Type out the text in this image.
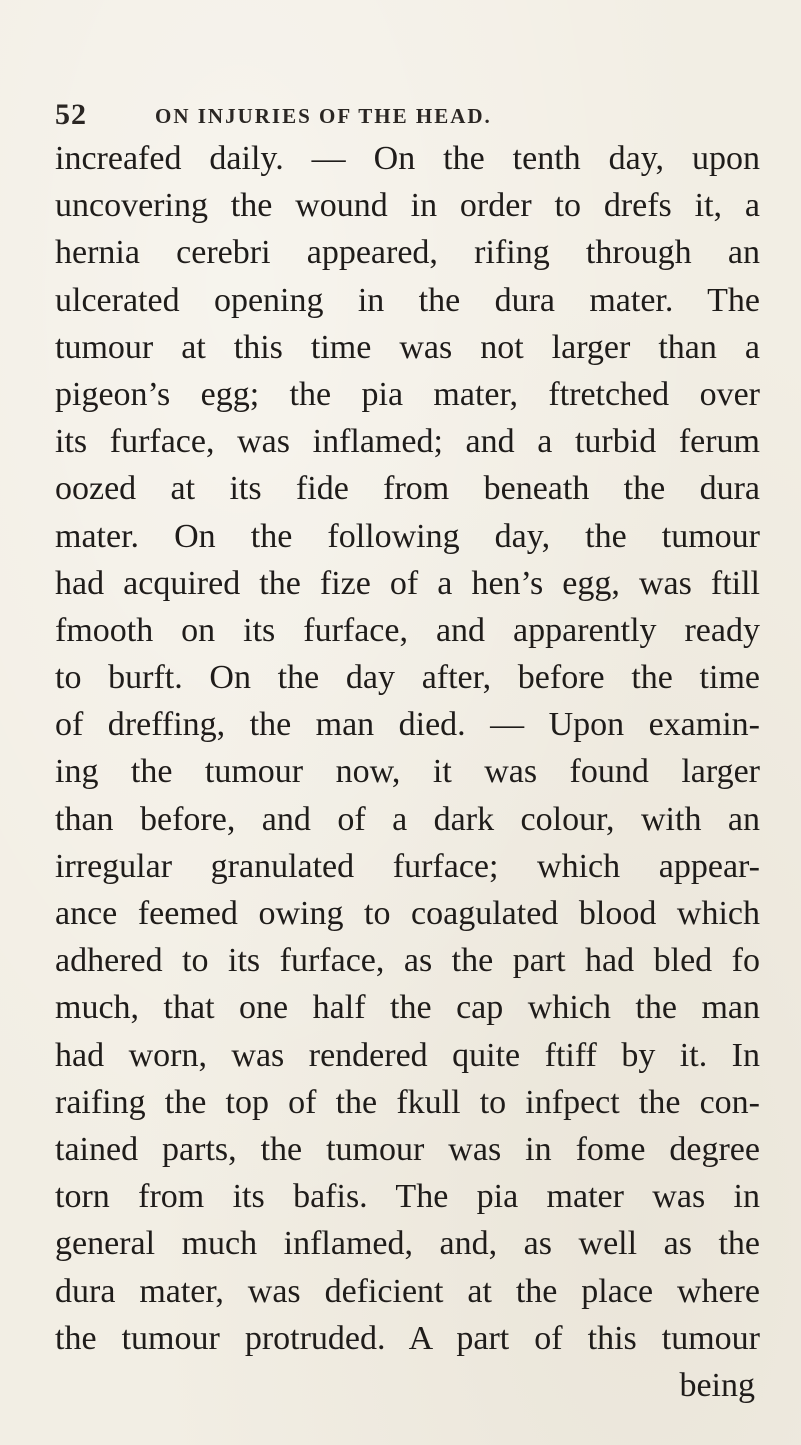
52	ON INJURIES OF THE HEAD.
increafed daily. — On the tenth day, upon
uncovering the wound in order to drefs it, a
hernia cerebri appeared, rifing through an
ulcerated opening in the dura mater. The
tumour at this time was not larger than a
pigeon’s egg; the pia mater, ftretched over
its furface, was inflamed; and a turbid ferum
oozed at its fide from beneath the dura
mater. On the following day, the tumour
had acquired the fize of a hen’s egg, was ftill
fmooth on its furface, and apparently ready
to burft. On the day after, before the time
of dreffing, the man died. — Upon examin-
ing the tumour now, it was found larger
than before, and of a dark colour, with an
irregular granulated furface; which appear-
ance feemed owing to coagulated blood which
adhered to its furface, as the part had bled fo
much, that one half the cap which the man
had worn, was rendered quite ftiff by it. In
raifing the top of the fkull to infpect the con-
tained parts, the tumour was in fome degree
torn from its bafis. The pia mater was in
general much inflamed, and, as well as the
dura mater, was deficient at the place where
the tumour protruded. A part of this tumour
being
